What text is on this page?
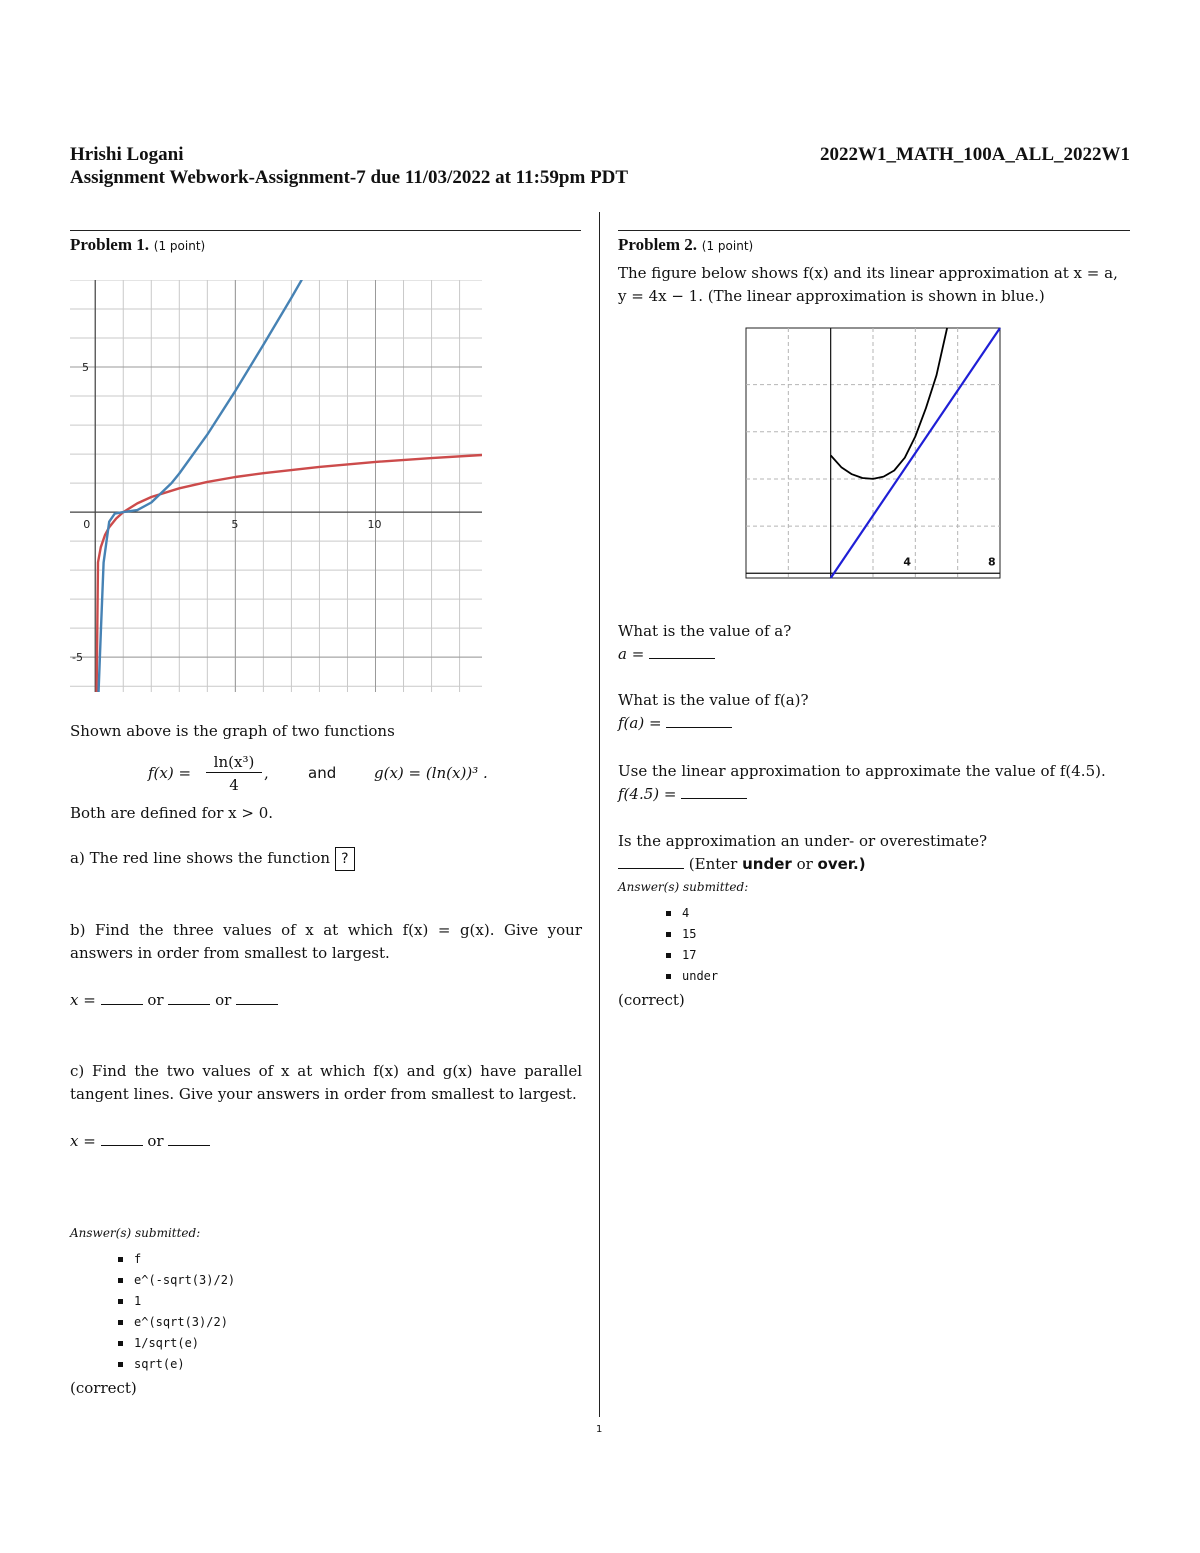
Hrishi Logani
Assignment Webwork-Assignment-7 due 11/03/2022 at 11:59pm PDT
2022W1_MATH_100A_ALL_2022W1
Problem 1. (1 point)
0	5	10
5
-5
Shown above is the graph of two functions
f(x) =
ln(x³)
4
,	and	g(x) = (ln(x))³ .
Both are defined for x > 0.
a) The red line shows the function ?
b) Find the three values of x at which f(x) = g(x). Give your answers in order from smallest to largest.
x =	or	or
c) Find the two values of x at which f(x) and g(x) have parallel tangent lines. Give your answers in order from smallest to largest.
x =	or
Answer(s) submitted:
f
e^(-sqrt(3)/2)
1
e^(sqrt(3)/2)
1/sqrt(e)
sqrt(e)
(correct)
Problem 2. (1 point)
The figure below shows f(x) and its linear approximation at x = a,
y = 4x − 1. (The linear approximation is shown in blue.)
4	8
What is the value of a?
a =
What is the value of f(a)?
f(a) =
Use the linear approximation to approximate the value of f(4.5).
f(4.5) =
Is the approximation an under- or overestimate?
(Enter under or over.)
Answer(s) submitted:
4
15
17
under
(correct)
1
